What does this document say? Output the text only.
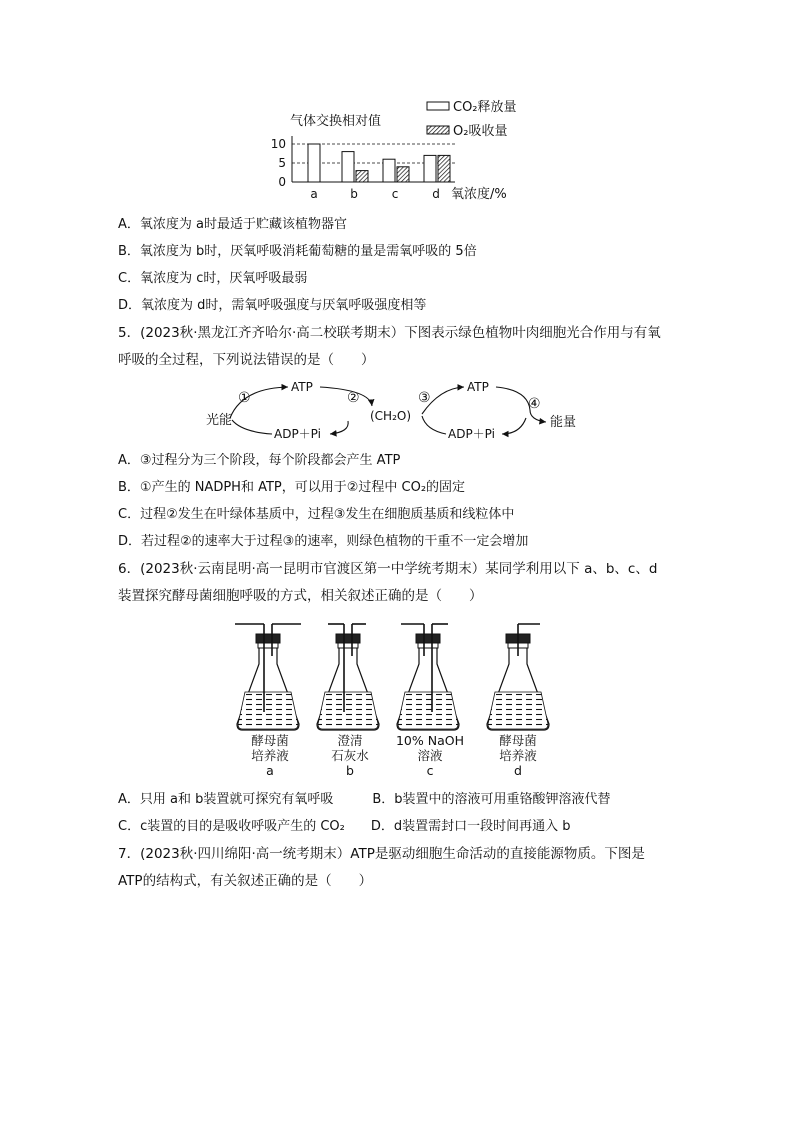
气体交换相对值
0
5
10
a	b	c	d 氧浓度/%
CO₂释放量
O₂吸收量
A．氧浓度为 a时最适于贮藏该植物器官
B．氧浓度为 b时，厌氧呼吸消耗葡萄糖的量是需氧呼吸的 5倍
C．氧浓度为 c时，厌氧呼吸最弱
D．氧浓度为 d时，需氧呼吸强度与厌氧呼吸强度相等
5．(2023秋·黑龙江齐齐哈尔·高二校联考期末）下图表示绿色植物叶肉细胞光合作用与有氧
呼吸的全过程，下列说法错误的是（　　）
①
ATP
②
光能
ADP＋Pi
(CH₂O)
③
ATP
④
能量
ADP＋Pi
A．③过程分为三个阶段，每个阶段都会产生 ATP
B．①产生的 NADPH和 ATP，可以用于②过程中 CO₂的固定
C．过程②发生在叶绿体基质中，过程③发生在细胞质基质和线粒体中
D．若过程②的速率大于过程③的速率，则绿色植物的干重不一定会增加
6．(2023秋·云南昆明·高一昆明市官渡区第一中学统考期末）某同学利用以下 a、b、c、d
装置探究酵母菌细胞呼吸的方式，相关叙述正确的是（　　）
酵母菌
培养液
a
澄清
石灰水
b
10% NaOH
溶液
c
酵母菌
培养液
d
A．只用 a和 b装置就可探究有氧呼吸　　　B．b装置中的溶液可用重铬酸钾溶液代替
C．c装置的目的是吸收呼吸产生的 CO₂　　D．d装置需封口一段时间再通入 b
7．(2023秋·四川绵阳·高一统考期末）ATP是驱动细胞生命活动的直接能源物质。下图是
ATP的结构式，有关叙述正确的是（　　）
